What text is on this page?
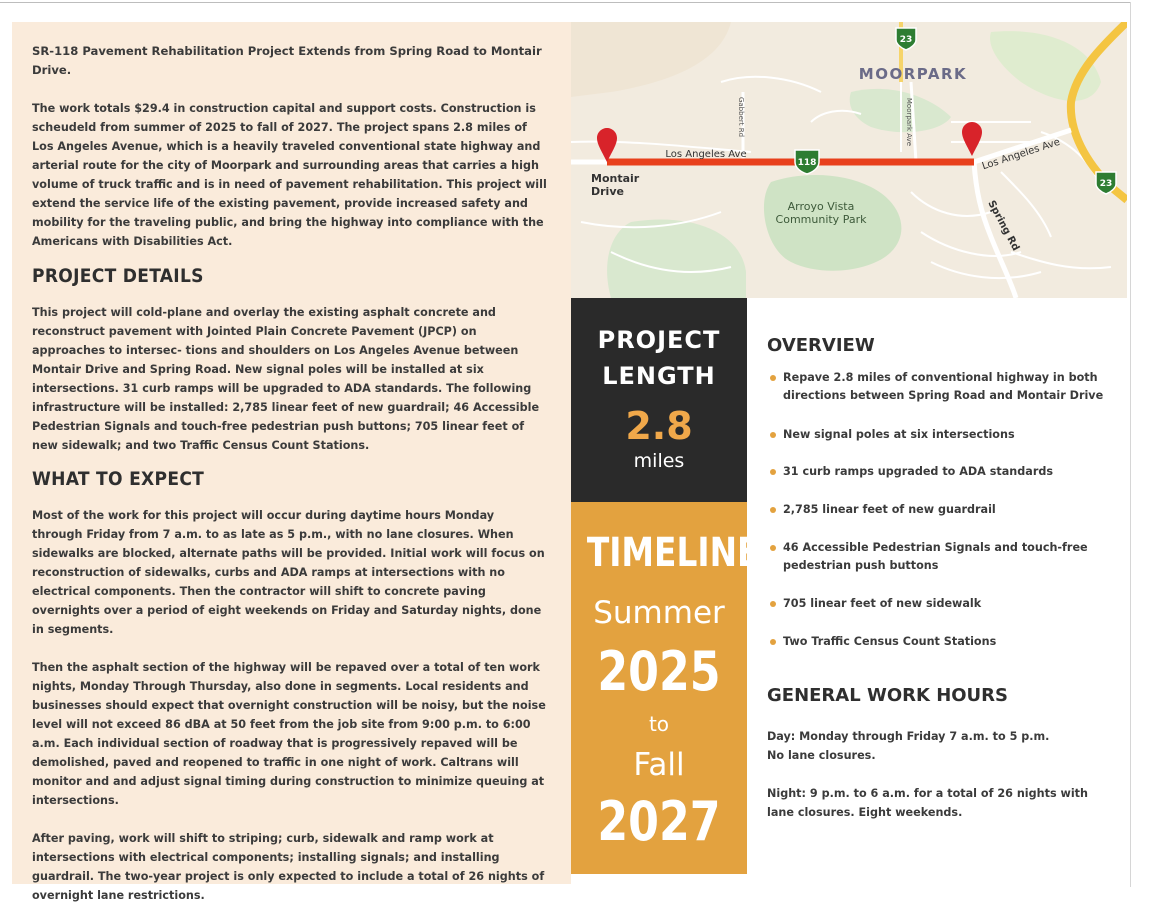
SR-118 Pavement Rehabilitation Project Extends from Spring Road to Montair Drive.

The work totals $29.4 in construction capital and support costs. Construction is scheudeld from summer of 2025 to fall of 2027. The project spans 2.8 miles of Los Angeles Avenue, which is a heavily traveled conventional state highway and arterial route for the city of Moorpark and surrounding areas that carries a high volume of truck traffic and is in need of pavement rehabilitation. This project will extend the service life of the existing pavement, provide increased safety and mobility for the traveling public, and bring the highway into compliance with the Americans with Disabilities Act.

PROJECT DETAILS

This project will cold-plane and overlay the existing asphalt concrete and reconstruct pavement with Jointed Plain Concrete Pavement (JPCP) on approaches to intersec- tions and shoulders on Los Angeles Avenue between Montair Drive and Spring Road. New signal poles will be installed at six intersections. 31 curb ramps will be upgraded to ADA standards. The following infrastructure will be installed: 2,785 linear feet of new guardrail; 46 Accessible Pedestrian Signals and touch-free pedestrian push buttons; 705 linear feet of new sidewalk; and two Traffic Census Count Stations.

WHAT TO EXPECT

Most of the work for this project will occur during daytime hours Monday through Friday from 7 a.m. to as late as 5 p.m., with no lane closures. When sidewalks are blocked, alternate paths will be provided. Initial work will focus on reconstruction of sidewalks, curbs and ADA ramps at intersections with no electrical components. Then the contractor will shift to concrete paving overnights over a period of eight weekends on Friday and Saturday nights, done in segments.

Then the asphalt section of the highway will be repaved over a total of ten work nights, Monday Through Thursday, also done in segments. Local residents and businesses should expect that overnight construction will be noisy, but the noise level will not exceed 86 dBA at 50 feet from the job site from 9:00 p.m. to 6:00 a.m. Each individual section of roadway that is progressively repaved will be demolished, paved and reopened to traffic in one night of work. Caltrans will monitor and and adjust signal timing during construction to minimize queuing at intersections.

After paving, work will shift to striping; curb, sidewalk and ramp work at intersections with electrical components; installing signals; and installing guardrail. The two-year project is only expected to include a total of 26 nights of overnight lane restrictions.

118
23
23
MOORPARK
Los Angeles Ave	Los Angeles Ave
Montair
Drive
Arroyo Vista
Community Park	Spring Rd
Gabbert Rd	Moorpark Ave
PROJECT
LENGTH
2.8
miles
TIMELINE
Summer
2025
to
Fall
2027
OVERVIEW
Repave 2.8 miles of conventional highway in both directions between Spring Road and Montair Drive
New signal poles at six intersections
31 curb ramps upgraded to ADA standards
2,785 linear feet of new guardrail
46 Accessible Pedestrian Signals and touch-free pedestrian push buttons
705 linear feet of new sidewalk
Two Traffic Census Count Stations
GENERAL WORK HOURS
Day: Monday through Friday 7 a.m. to 5 p.m.
No lane closures.
Night: 9 p.m. to 6 a.m. for a total of 26 nights with
lane closures. Eight weekends.
